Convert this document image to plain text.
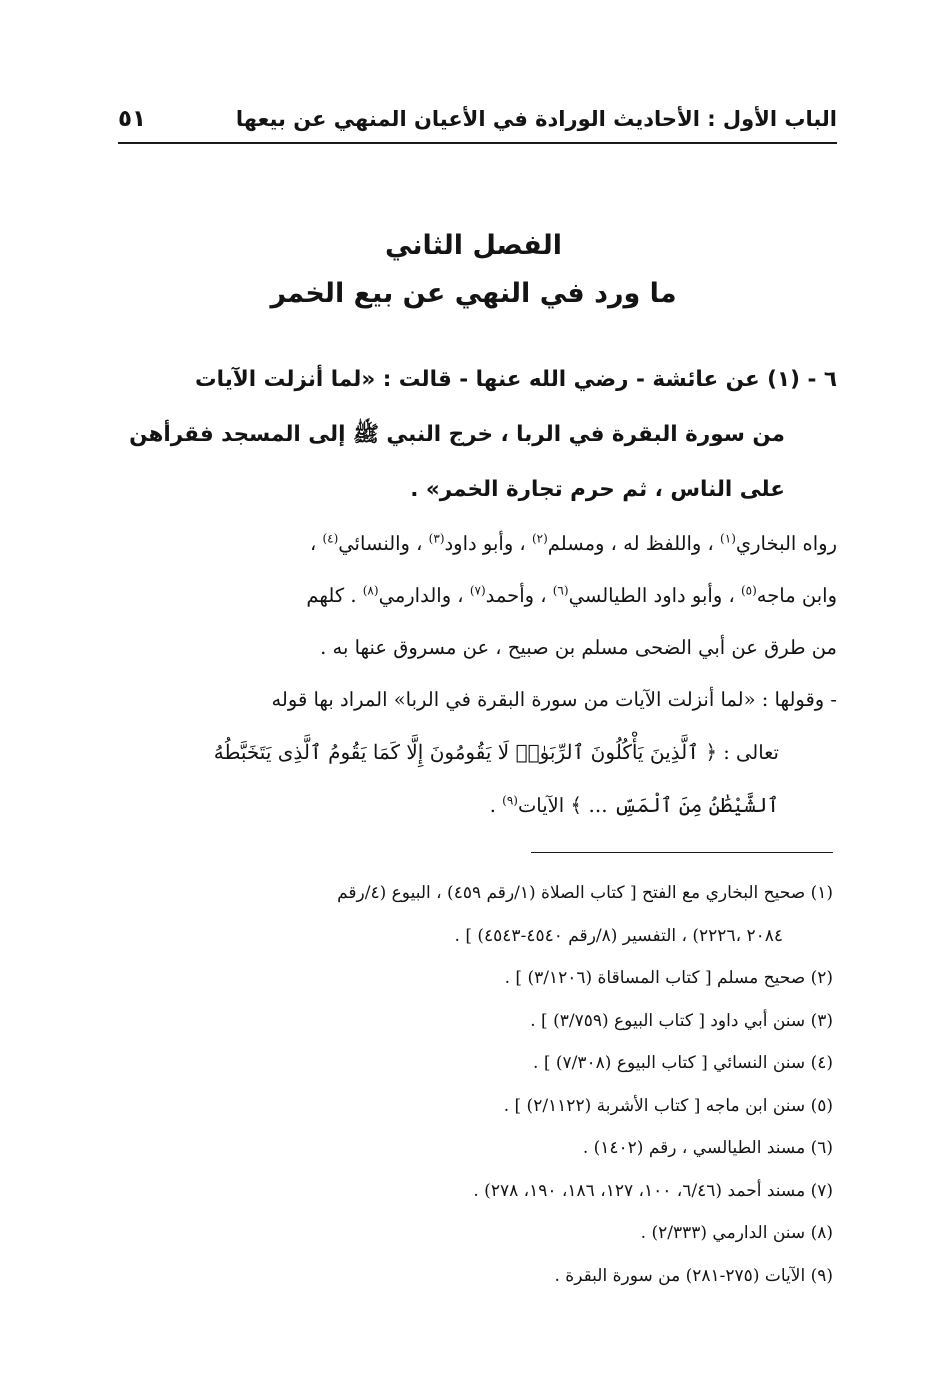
الباب الأول : الأحاديث الورادة في الأعيان المنهي عن بيعها
٥١
الفصل الثاني
ما ورد في النهي عن بيع الخمر
٦ - (١) عن عائشة - رضي الله عنها - قالت : «لما أنزلت الآيات
من سورة البقرة في الربا ، خرج النبي ﷺ إلى المسجد فقرأهن
على الناس ، ثم حرم تجارة الخمر» .

رواه البخاري$^{(١)}$ ، واللفظ له ، ومسلم$^{(٢)}$ ، وأبو داود$^{(٣)}$ ، والنسائي$^{(٤)}$ ،

وابن ماجه$^{(٥)}$ ، وأبو داود الطيالسي$^{(٦)}$ ، وأحمد$^{(٧)}$ ، والدارمي$^{(٨)}$ . كلهم

من طرق عن أبي الضحى مسلم بن صبيح ، عن مسروق عنها به .

- وقولها : «لما أنزلت الآيات من سورة البقرة في الربا» المراد بها قوله

تعالى : ﴿ ٱلَّذِينَ يَأْكُلُونَ ٱلرِّبَوٰا۟ لَا يَقُومُونَ إِلَّا كَمَا يَقُومُ ٱلَّذِى يَتَخَبَّطُهُ

ٱلشَّيْطَٰنُ مِنَ ٱلْمَسِّ ... ﴾ الآيات$^{(٩)}$ .

(١) صحيح البخاري مع الفتح [ كتاب الصلاة (١/رقم ٤٥٩) ، البيوع (٤/رقم

٢٠٨٤ ،٢٢٢٦) ، التفسير (٨/رقم ٤٥٤٠-٤٥٤٣) ] .

(٢) صحيح مسلم [ كتاب المساقاة (٣/١٢٠٦) ] .

(٣) سنن أبي داود [ كتاب البيوع (٣/٧٥٩) ] .

(٤) سنن النسائي [ كتاب البيوع (٧/٣٠٨) ] .

(٥) سنن ابن ماجه [ كتاب الأشربة (٢/١١٢٢) ] .

(٦) مسند الطيالسي ، رقم (١٤٠٢) .

(٧) مسند أحمد (٦/٤٦، ١٠٠، ١٢٧، ١٨٦، ١٩٠، ٢٧٨) .

(٨) سنن الدارمي (٢/٣٣٣) .

(٩) الآيات (٢٧٥-٢٨١) من سورة البقرة .
